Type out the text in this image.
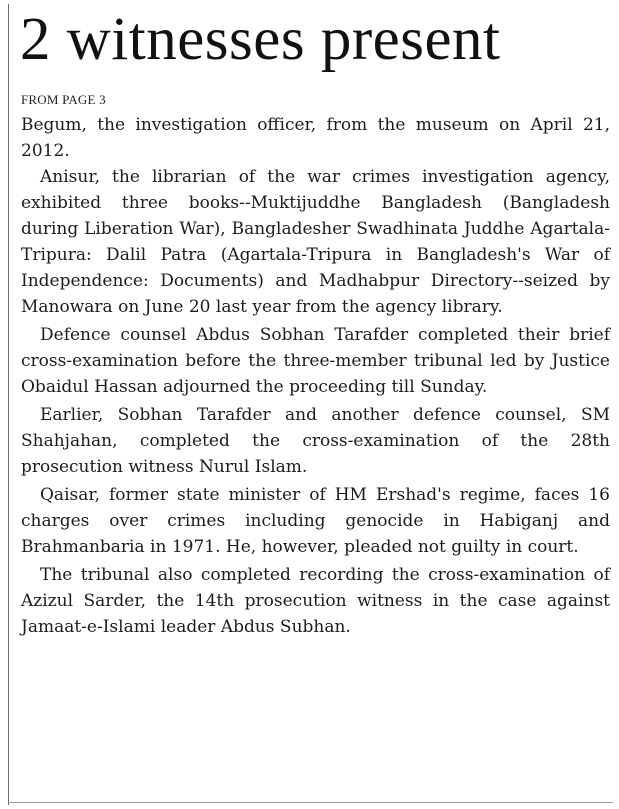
2 witnesses present
FROM PAGE 3

Begum, the investigation officer, from the museum on April 21, 2012.

Anisur, the librarian of the war crimes investigation agency, exhibited three books--Muktijuddhe Bangladesh (Bangladesh during Liberation War), Bangladesher Swadhinata Juddhe Agartala-Tripura: Dalil Patra (Agartala-Tripura in Bangladesh's War of Independence: Documents) and Madhabpur Directory--seized by Manowara on June 20 last year from the agency library.

Defence counsel Abdus Sobhan Tarafder completed their brief cross-examination before the three-member tribunal led by Justice Obaidul Hassan adjourned the proceeding till Sunday.

Earlier, Sobhan Tarafder and another defence counsel, SM Shahjahan, completed the cross-examination of the 28th prosecution witness Nurul Islam.

Qaisar, former state minister of HM Ershad's regime, faces 16 charges over crimes including genocide in Habiganj and Brahmanbaria in 1971. He, however, pleaded not guilty in court.

The tribunal also completed recording the cross-examination of Azizul Sarder, the 14th prosecution witness in the case against Jamaat-e-Islami leader Abdus Subhan.
